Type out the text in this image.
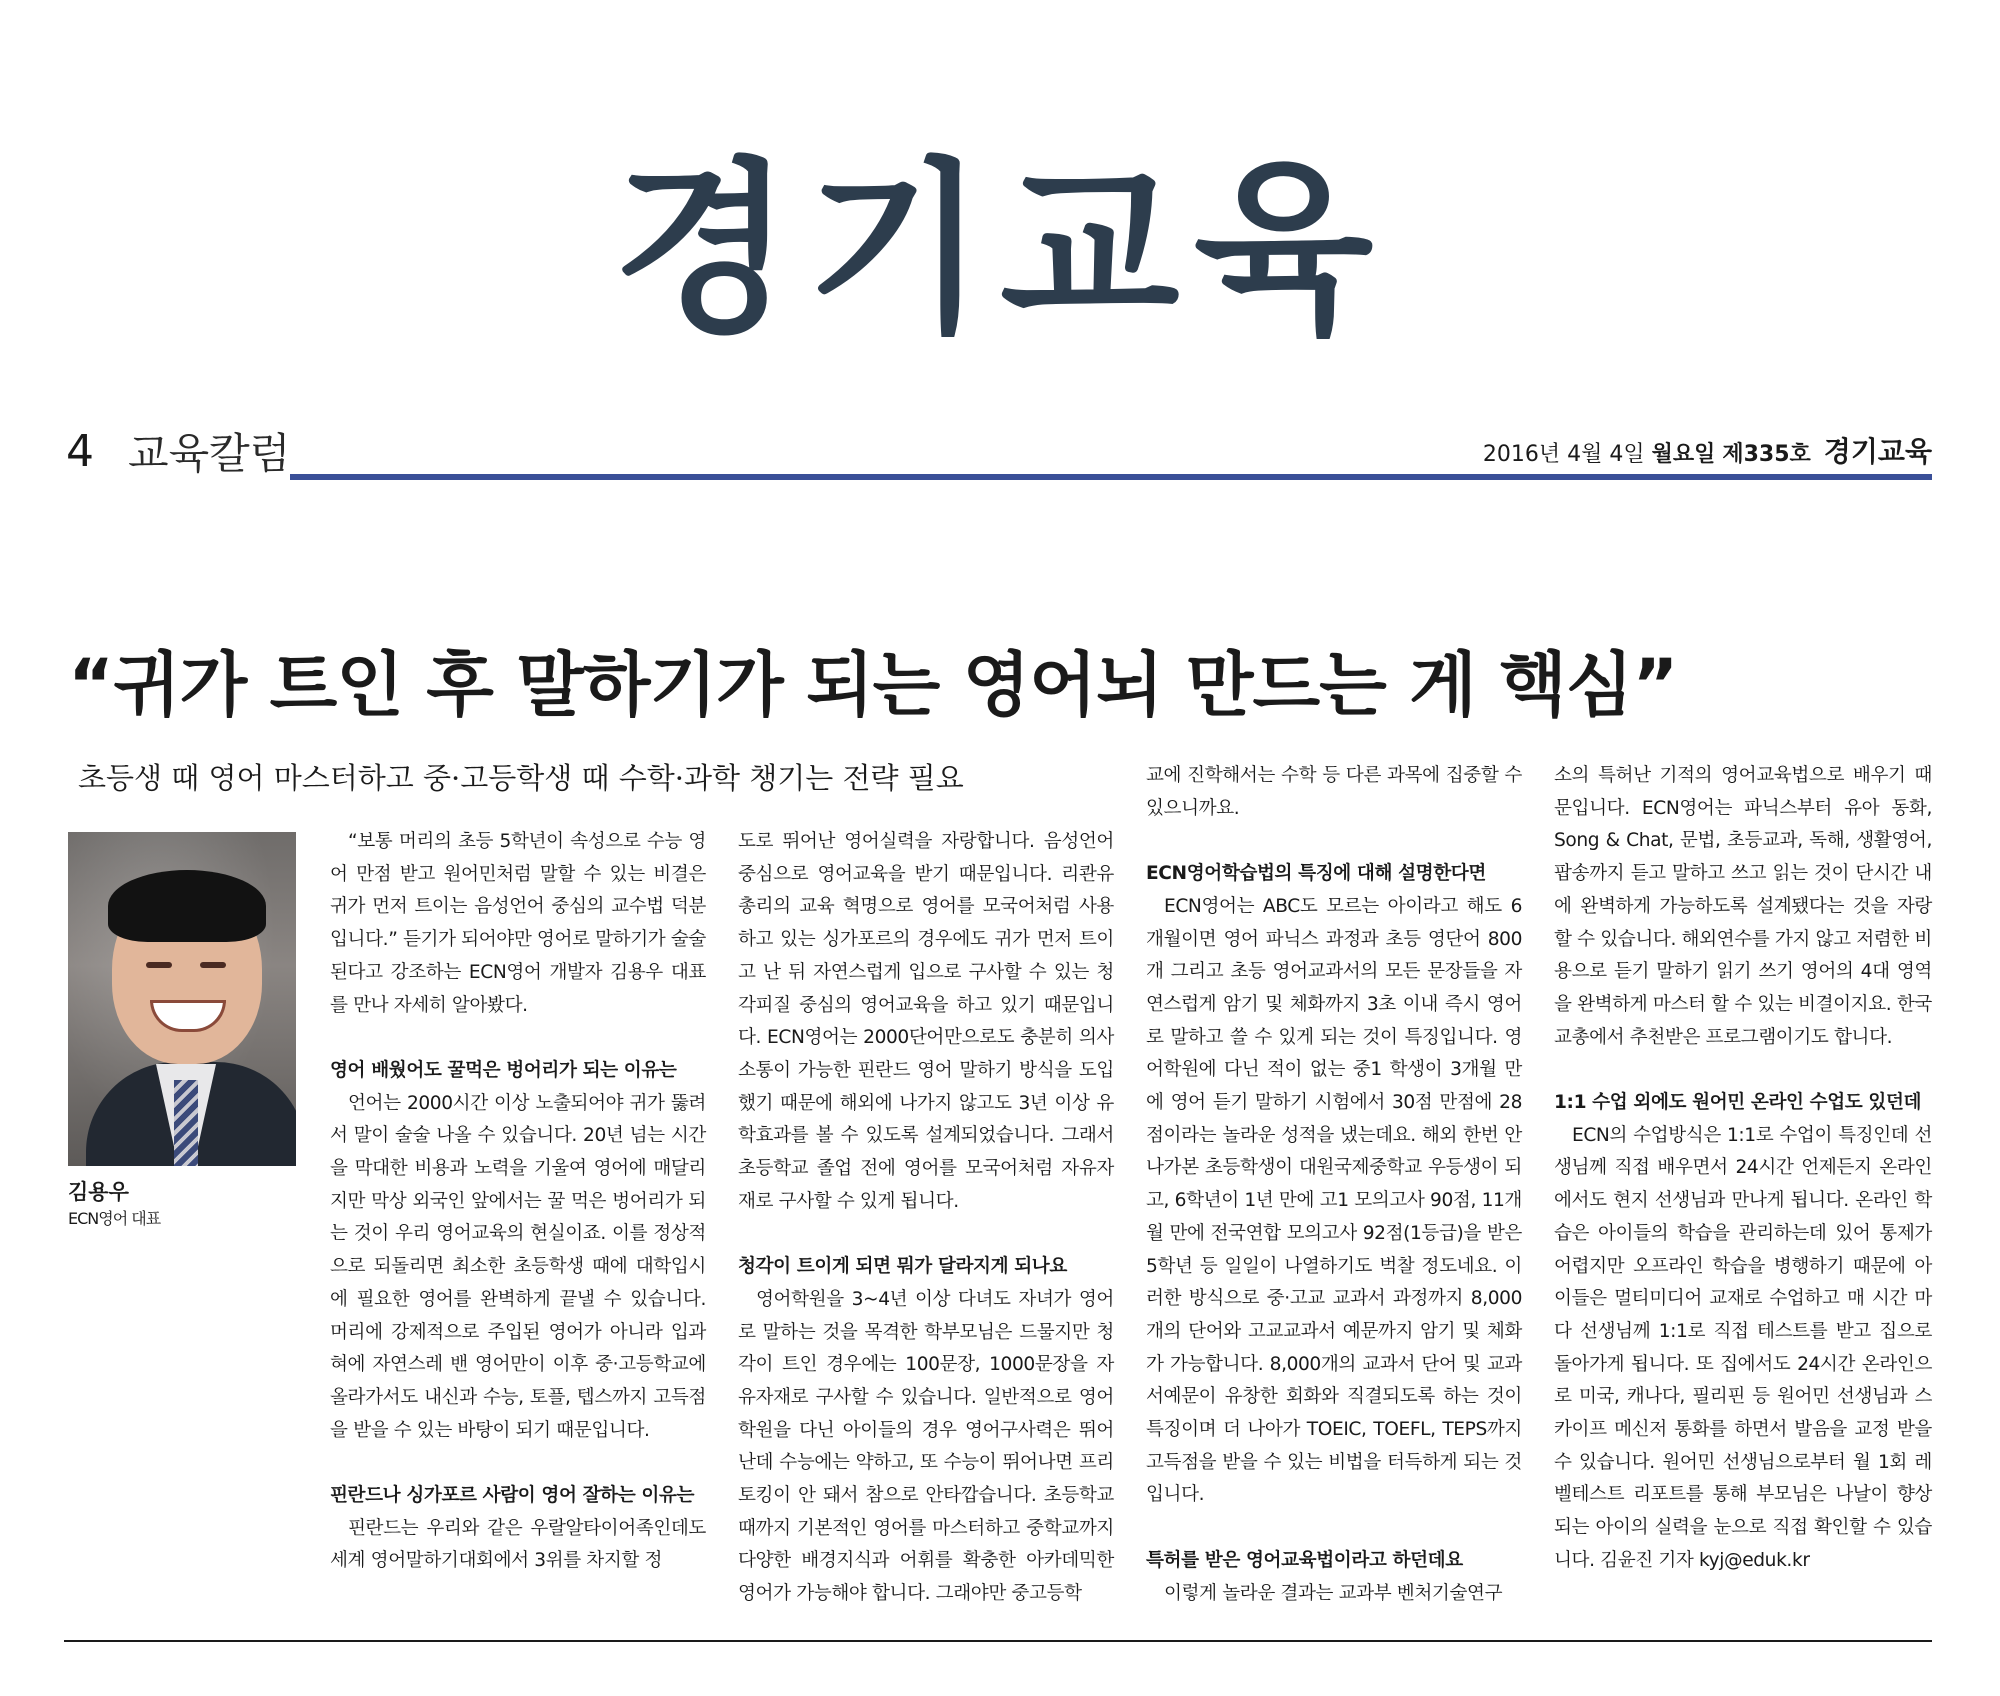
경기교육
4 교육칼럼	2016년 4월 4일 월요일 제335호 경기교육
“귀가 트인 후 말하기가 되는 영어뇌 만드는 게 핵심”
초등생 때 영어 마스터하고 중·고등학생 때 수학·과학 챙기는 전략 필요
김용우
ECN영어 대표

“보통 머리의 초등 5학년이 속성으로 수능 영어 만점 받고 원어민처럼 말할 수 있는 비결은 귀가 먼저 트이는 음성언어 중심의 교수법 덕분입니다.” 듣기가 되어야만 영어로 말하기가 술술 된다고 강조하는 ECN영어 개발자 김용우 대표를 만나 자세히 알아봤다.

영어 배웠어도 꿀먹은 벙어리가 되는 이유는

언어는 2000시간 이상 노출되어야 귀가 뚫려서 말이 술술 나올 수 있습니다. 20년 넘는 시간을 막대한 비용과 노력을 기울여 영어에 매달리지만 막상 외국인 앞에서는 꿀 먹은 벙어리가 되는 것이 우리 영어교육의 현실이죠. 이를 정상적으로 되돌리면 최소한 초등학생 때에 대학입시에 필요한 영어를 완벽하게 끝낼 수 있습니다. 머리에 강제적으로 주입된 영어가 아니라 입과 혀에 자연스레 밴 영어만이 이후 중·고등학교에 올라가서도 내신과 수능, 토플, 텝스까지 고득점을 받을 수 있는 바탕이 되기 때문입니다.

핀란드나 싱가포르 사람이 영어 잘하는 이유는

핀란드는 우리와 같은 우랄알타이어족인데도 세계 영어말하기대회에서 3위를 차지할 정

도로 뛰어난 영어실력을 자랑합니다. 음성언어 중심으로 영어교육을 받기 때문입니다. 리콴유 총리의 교육 혁명으로 영어를 모국어처럼 사용하고 있는 싱가포르의 경우에도 귀가 먼저 트이고 난 뒤 자연스럽게 입으로 구사할 수 있는 청각피질 중심의 영어교육을 하고 있기 때문입니다. ECN영어는 2000단어만으로도 충분히 의사소통이 가능한 핀란드 영어 말하기 방식을 도입했기 때문에 해외에 나가지 않고도 3년 이상 유학효과를 볼 수 있도록 설계되었습니다. 그래서 초등학교 졸업 전에 영어를 모국어처럼 자유자재로 구사할 수 있게 됩니다.

청각이 트이게 되면 뭐가 달라지게 되나요

영어학원을 3~4년 이상 다녀도 자녀가 영어로 말하는 것을 목격한 학부모님은 드물지만 청각이 트인 경우에는 100문장, 1000문장을 자유자재로 구사할 수 있습니다. 일반적으로 영어학원을 다닌 아이들의 경우 영어구사력은 뛰어난데 수능에는 약하고, 또 수능이 뛰어나면 프리토킹이 안 돼서 참으로 안타깝습니다. 초등학교 때까지 기본적인 영어를 마스터하고 중학교까지 다양한 배경지식과 어휘를 확충한 아카데믹한 영어가 가능해야 합니다. 그래야만 중고등학

교에 진학해서는 수학 등 다른 과목에 집중할 수 있으니까요.

ECN영어학습법의 특징에 대해 설명한다면

ECN영어는 ABC도 모르는 아이라고 해도 6개월이면 영어 파닉스 과정과 초등 영단어 800개 그리고 초등 영어교과서의 모든 문장들을 자연스럽게 암기 및 체화까지 3초 이내 즉시 영어로 말하고 쓸 수 있게 되는 것이 특징입니다. 영어학원에 다닌 적이 없는 중1 학생이 3개월 만에 영어 듣기 말하기 시험에서 30점 만점에 28점이라는 놀라운 성적을 냈는데요. 해외 한번 안 나가본 초등학생이 대원국제중학교 우등생이 되고, 6학년이 1년 만에 고1 모의고사 90점, 11개월 만에 전국연합 모의고사 92점(1등급)을 받은 5학년 등 일일이 나열하기도 벅찰 정도네요. 이러한 방식으로 중·고교 교과서 과정까지 8,000개의 단어와 고교교과서 예문까지 암기 및 체화가 가능합니다. 8,000개의 교과서 단어 및 교과서예문이 유창한 회화와 직결되도록 하는 것이 특징이며 더 나아가 TOEIC, TOEFL, TEPS까지 고득점을 받을 수 있는 비법을 터득하게 되는 것입니다.

특허를 받은 영어교육법이라고 하던데요

이렇게 놀라운 결과는 교과부 벤처기술연구

소의 특허난 기적의 영어교육법으로 배우기 때문입니다. ECN영어는 파닉스부터 유아 동화, Song & Chat, 문법, 초등교과, 독해, 생활영어, 팝송까지 듣고 말하고 쓰고 읽는 것이 단시간 내에 완벽하게 가능하도록 설계됐다는 것을 자랑할 수 있습니다. 해외연수를 가지 않고 저렴한 비용으로 듣기 말하기 읽기 쓰기 영어의 4대 영역을 완벽하게 마스터 할 수 있는 비결이지요. 한국교총에서 추천받은 프로그램이기도 합니다.

1:1 수업 외에도 원어민 온라인 수업도 있던데

ECN의 수업방식은 1:1로 수업이 특징인데 선생님께 직접 배우면서 24시간 언제든지 온라인에서도 현지 선생님과 만나게 됩니다. 온라인 학습은 아이들의 학습을 관리하는데 있어 통제가 어렵지만 오프라인 학습을 병행하기 때문에 아이들은 멀티미디어 교재로 수업하고 매 시간 마다 선생님께 1:1로 직접 테스트를 받고 집으로 돌아가게 됩니다. 또 집에서도 24시간 온라인으로 미국, 캐나다, 필리핀 등 원어민 선생님과 스카이프 메신저 통화를 하면서 발음을 교정 받을 수 있습니다. 원어민 선생님으로부터 월 1회 레벨테스트 리포트를 통해 부모님은 나날이 향상되는 아이의 실력을 눈으로 직접 확인할 수 있습니다. 김윤진 기자 kyj@eduk.kr
